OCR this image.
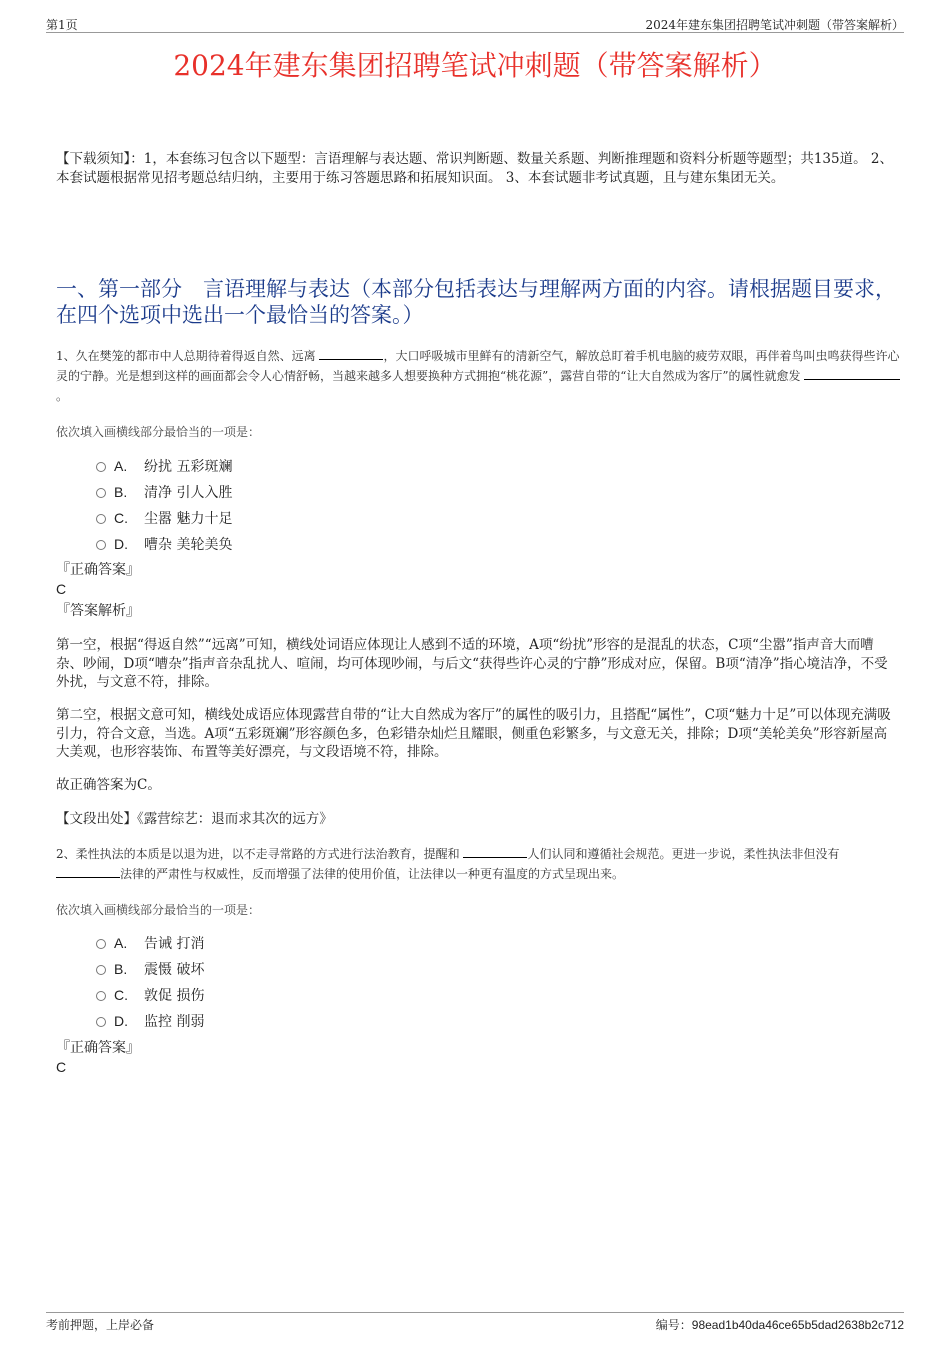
第1页	2024年建东集团招聘笔试冲刺题（带答案解析）
2024年建东集团招聘笔试冲刺题（带答案解析）
【下载须知】：1，本套练习包含以下题型：言语理解与表达题、常识判断题、数量关系题、判断推理题和资料分析题等题型；共135道。 2、本套试题根据常见招考题总结归纳，主要用于练习答题思路和拓展知识面。 3、本套试题非考试真题，且与建东集团无关。
一、第一部分　言语理解与表达（本部分包括表达与理解两方面的内容。请根据题目要求，在四个选项中选出一个最恰当的答案。）
1、久在樊笼的都市中人总期待着得返自然、远离	，大口呼吸城市里鲜有的清新空气，解放总盯着手机电脑的疲劳双眼，再伴着鸟叫虫鸣获得些许心灵的宁静。光是想到这样的画面都会令人心情舒畅，当越来越多人想要换种方式拥抱“桃花源”，露营自带的“让大自然成为客厅”的属性就愈发 。
依次填入画横线部分最恰当的一项是：
A. 纷扰 五彩斑斓
B. 清净 引人入胜
C. 尘嚣 魅力十足
D. 嘈杂 美轮美奂
『正确答案』
C
『答案解析』
第一空，根据“得返自然”“远离”可知，横线处词语应体现让人感到不适的环境，A项“纷扰”形容的是混乱的状态，C项“尘嚣”指声音大而嘈杂、吵闹，D项“嘈杂”指声音杂乱扰人、喧闹，均可体现吵闹，与后文“获得些许心灵的宁静”形成对应，保留。B项“清净”指心境洁净，不受外扰，与文意不符，排除。
第二空，根据文意可知，横线处成语应体现露营自带的“让大自然成为客厅”的属性的吸引力，且搭配“属性”，C项“魅力十足”可以体现充满吸引力，符合文意，当选。A项“五彩斑斓”形容颜色多，色彩错杂灿烂且耀眼，侧重色彩繁多，与文意无关，排除；D项“美轮美奂”形容新屋高大美观，也形容装饰、布置等美好漂亮，与文段语境不符，排除。
故正确答案为C。
【文段出处】《露营综艺：退而求其次的远方》
2、柔性执法的本质是以退为进，以不走寻常路的方式进行法治教育，提醒和	人们认同和遵循社会规范。更进一步说，柔性执法非但没有 法律的严肃性与权威性，反而增强了法律的使用价值，让法律以一种更有温度的方式呈现出来。
依次填入画横线部分最恰当的一项是：
A. 告诫 打消
B. 震慑 破坏
C. 敦促 损伤
D. 监控 削弱
『正确答案』
C
考前押题，上岸必备	编号：98ead1b40da46ce65b5dad2638b2c712
